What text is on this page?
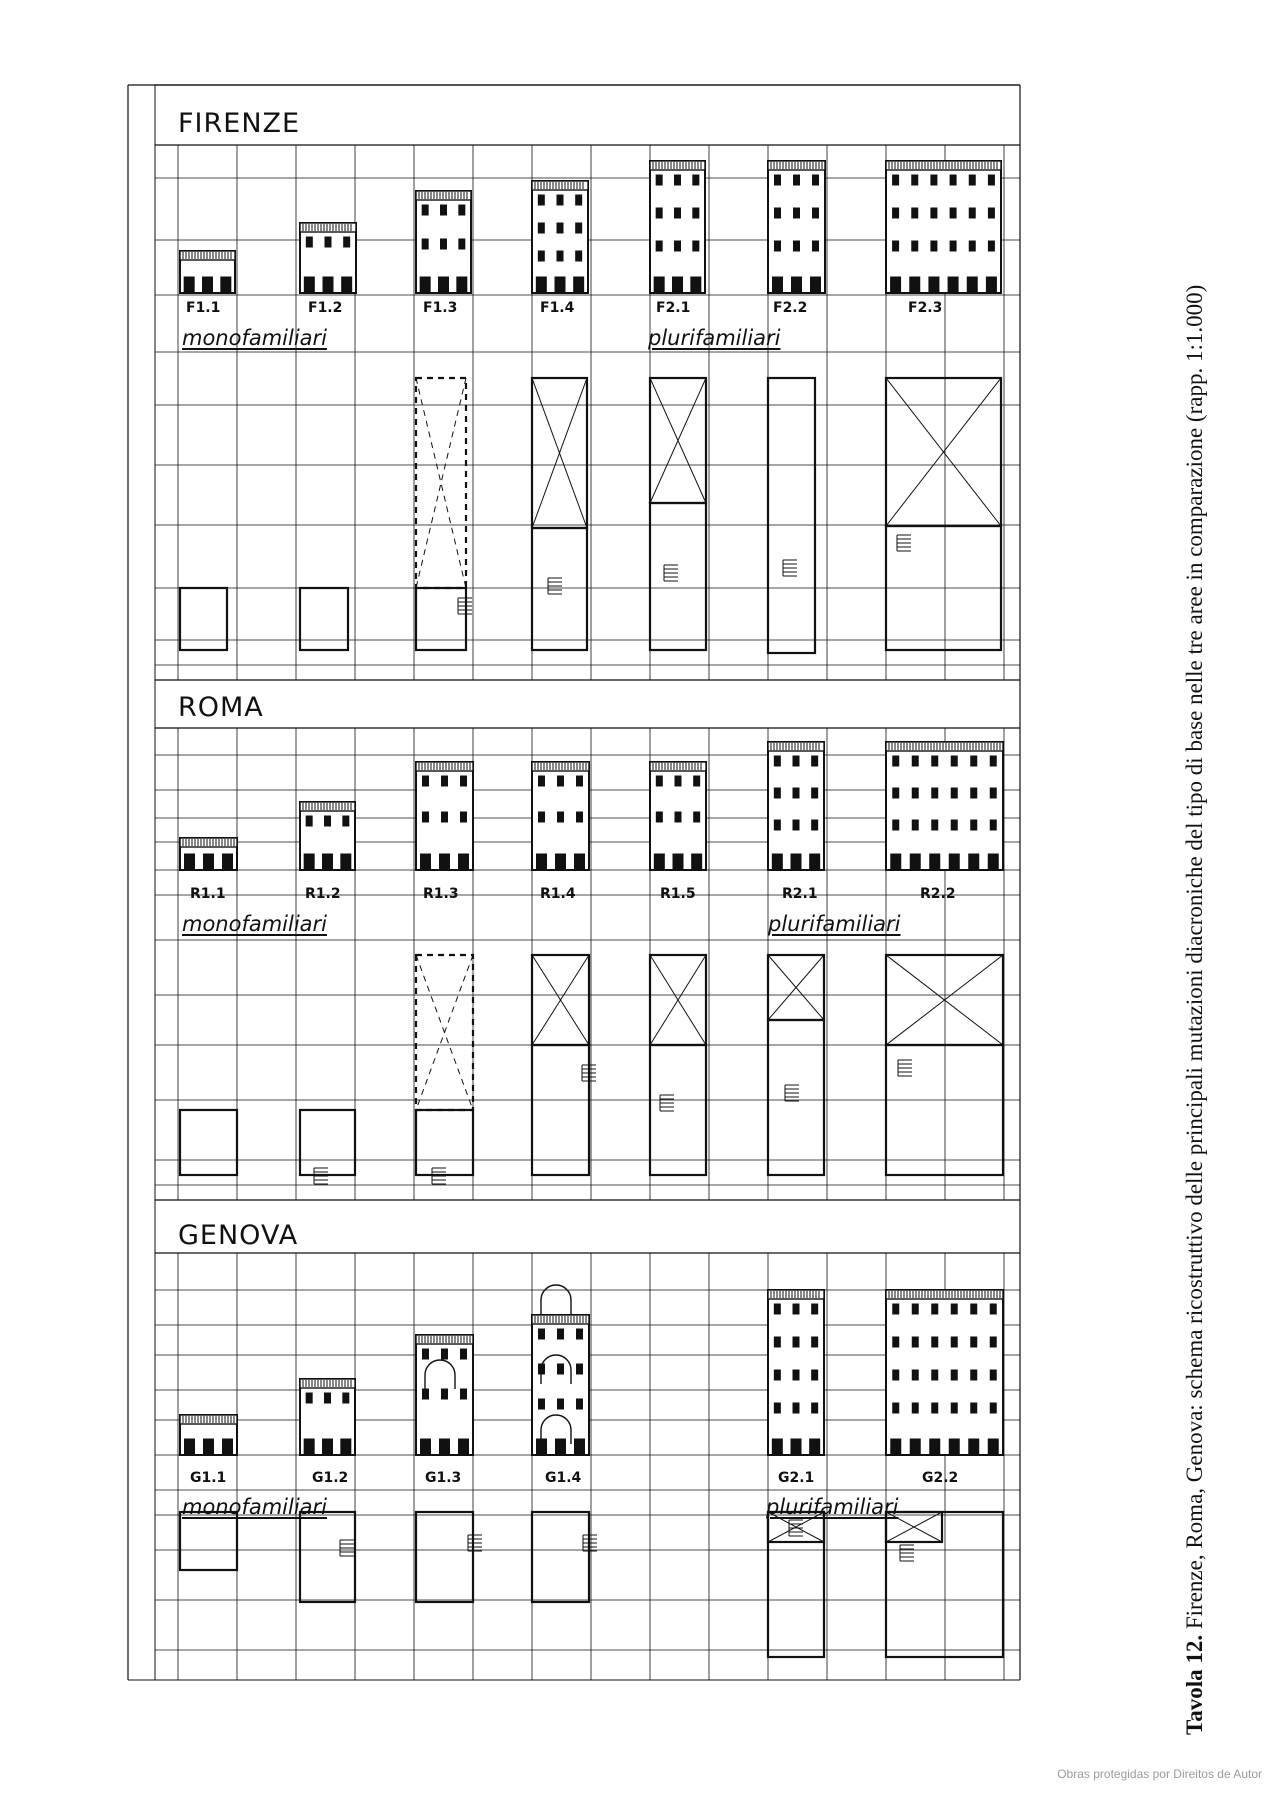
FIRENZE
ROMA
GENOVA
F1.1	F1.2	F1.3	F1.4	F2.1	F2.2	F2.3
monofamiliari	plurifamiliari
R1.1	R1.2	R1.3	R1.4	R1.5	R2.1	R2.2
monofamiliari	plurifamiliari
G1.1	G1.2	G1.3	G1.4	G2.1	G2.2
monofamiliari	plurifamiliari
Tavola 12. Firenze, Roma, Genova: schema ricostruttivo delle principali mutazioni diacroniche del tipo di base nelle tre aree in comparazione (rapp. 1:1.000)
Obras protegidas por Direitos de Autor
